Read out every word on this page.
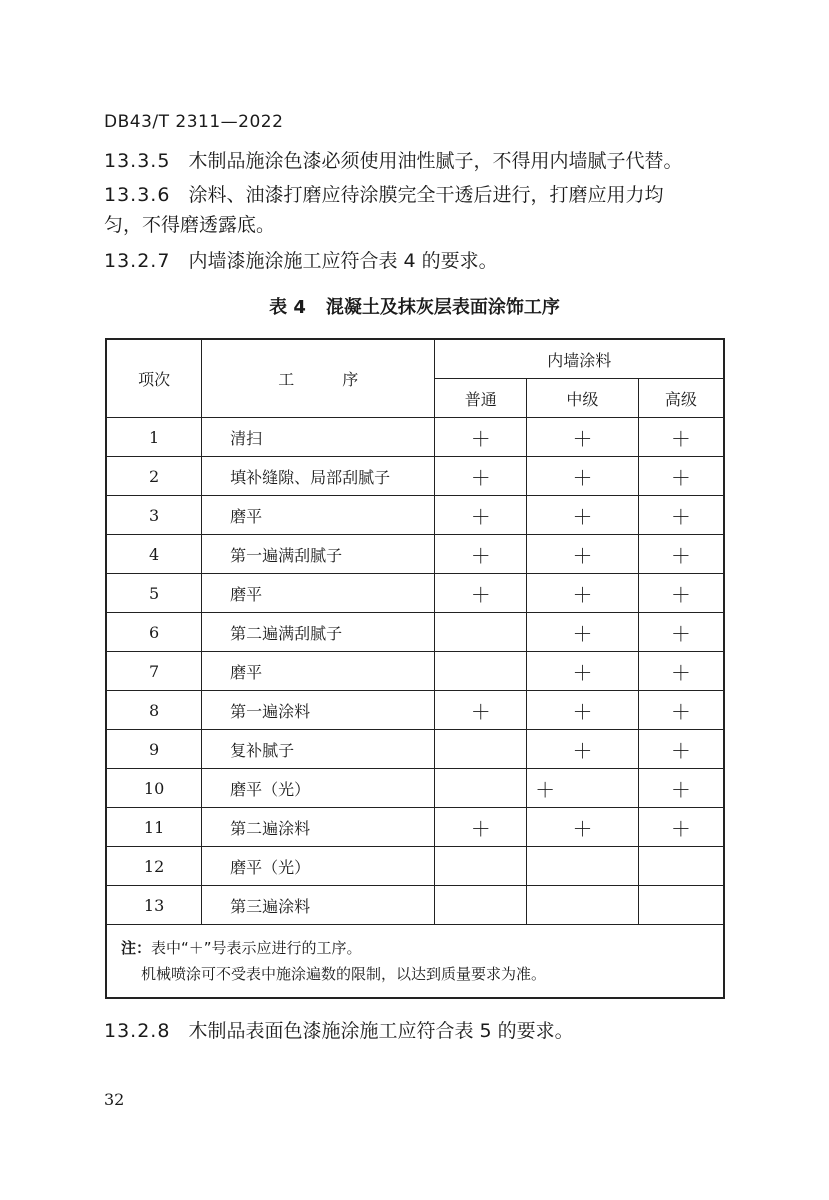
DB43/T 2311—2022
13.3.5 木制品施涂色漆必须使用油性腻子，不得用内墙腻子代替。
13.3.6 涂料、油漆打磨应待涂膜完全干透后进行，打磨应用力均
匀，不得磨透露底。
13.2.7 内墙漆施涂施工应符合表 4 的要求。
表 4 混凝土及抹灰层表面涂饰工序
项次	工　　　序	内墙涂料		
		普通	中级	高级
1	清扫	＋	＋	＋
2	填补缝隙、局部刮腻子	＋	＋	＋
3	磨平	＋	＋	＋
4	第一遍满刮腻子	＋	＋	＋
5	磨平	＋	＋	＋
6	第二遍满刮腻子		＋	＋
7	磨平		＋	＋
8	第一遍涂料	＋	＋	＋
9	复补腻子		＋	＋
10	磨平（光）		＋	＋
11	第二遍涂料	＋	＋	＋
12	磨平（光）			
13	第三遍涂料			
注：表中“＋”号表示应进行的工序。
机械喷涂可不受表中施涂遍数的限制，以达到质量要求为准。				
13.2.8 木制品表面色漆施涂施工应符合表 5 的要求。
32
